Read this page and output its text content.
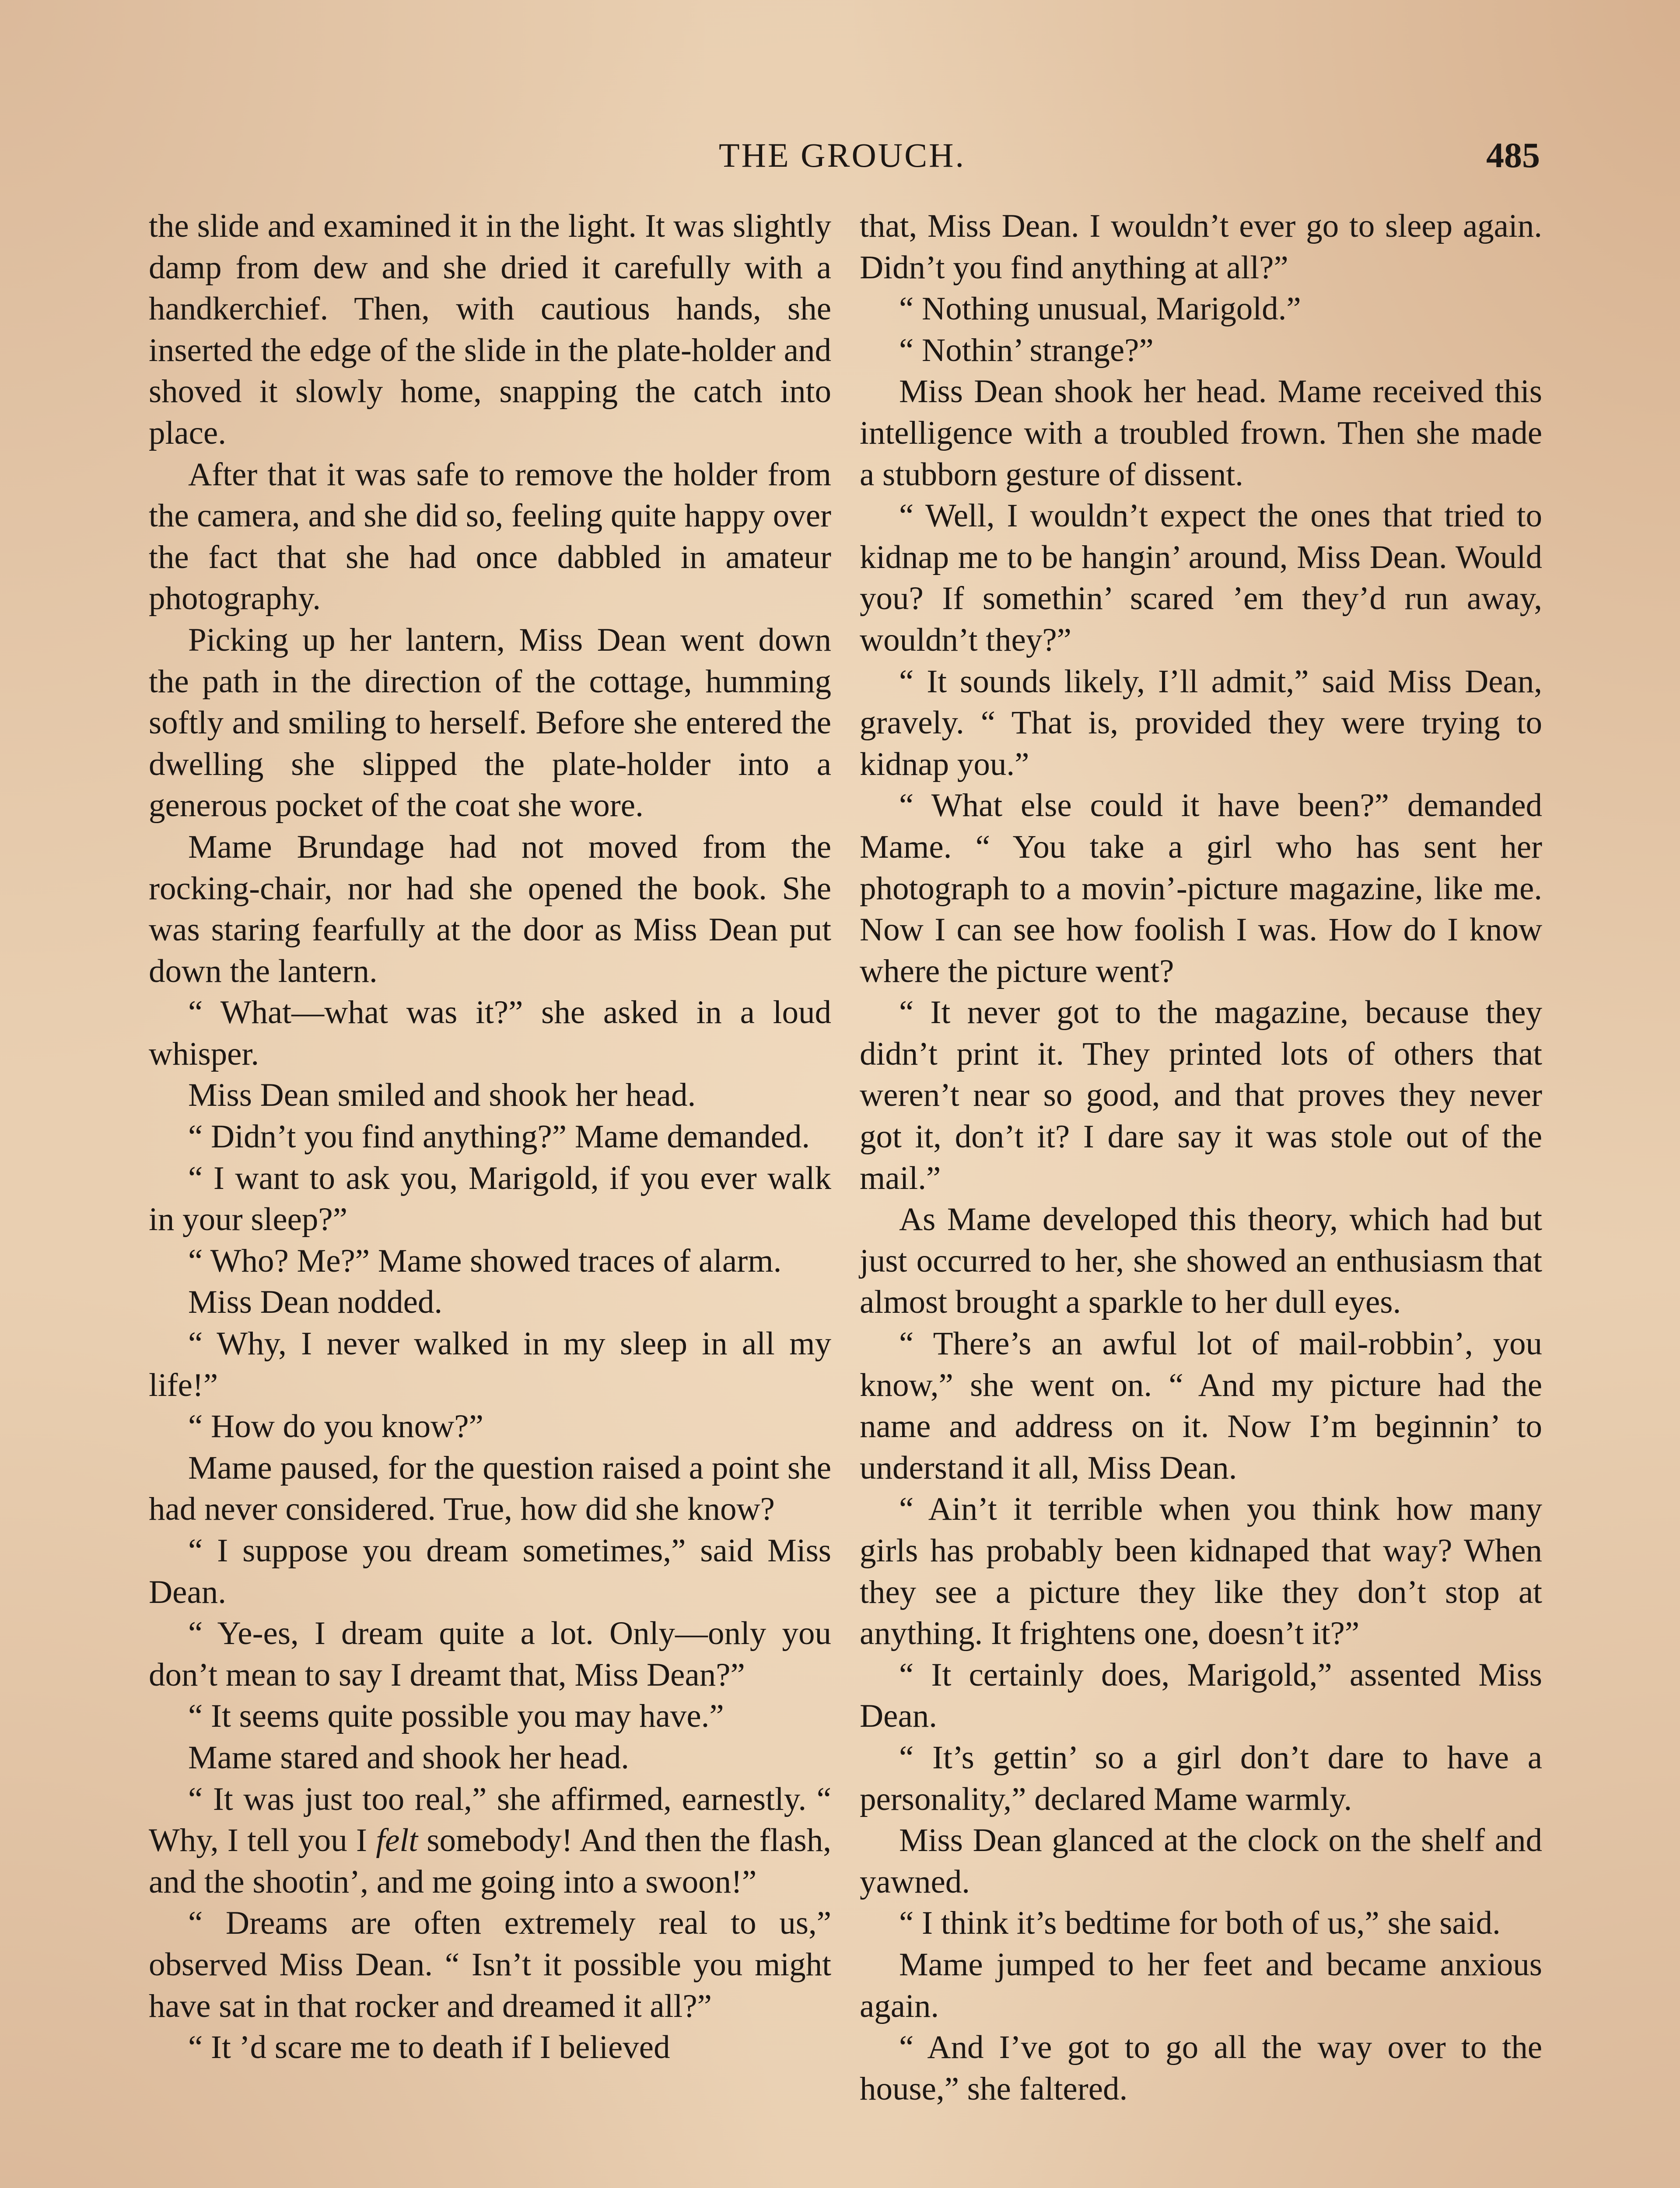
THE GROUCH.	485

the slide and examined it in the light. It was slightly damp from dew and she dried it carefully with a handkerchief. Then, with cautious hands, she inserted the edge of the slide in the plate-holder and shoved it slowly home, snapping the catch into place.

After that it was safe to remove the holder from the camera, and she did so, feeling quite happy over the fact that she had once dabbled in amateur photography.

Picking up her lantern, Miss Dean went down the path in the direction of the cottage, humming softly and smiling to herself. Before she entered the dwelling she slipped the plate-holder into a generous pocket of the coat she wore.

Mame Brundage had not moved from the rocking-chair, nor had she opened the book. She was staring fearfully at the door as Miss Dean put down the lantern.

“ What—what was it?” she asked in a loud whisper.

Miss Dean smiled and shook her head.

“ Didn’t you find anything?” Mame demanded.

“ I want to ask you, Marigold, if you ever walk in your sleep?”

“ Who? Me?” Mame showed traces of alarm.

Miss Dean nodded.

“ Why, I never walked in my sleep in all my life!”

“ How do you know?”

Mame paused, for the question raised a point she had never considered. True, how did she know?

“ I suppose you dream sometimes,” said Miss Dean.

“ Ye-es, I dream quite a lot. Only—only you don’t mean to say I dreamt that, Miss Dean?”

“ It seems quite possible you may have.”

Mame stared and shook her head.

“ It was just too real,” she affirmed, earnestly. “ Why, I tell you I felt somebody! And then the flash, and the shootin’, and me going into a swoon!”

“ Dreams are often extremely real to us,” observed Miss Dean. “ Isn’t it possible you might have sat in that rocker and dreamed it all?”

“ It ’d scare me to death if I believed

that, Miss Dean. I wouldn’t ever go to sleep again. Didn’t you find anything at all?”

“ Nothing unusual, Marigold.”

“ Nothin’ strange?”

Miss Dean shook her head. Mame received this intelligence with a troubled frown. Then she made a stubborn gesture of dissent.

“ Well, I wouldn’t expect the ones that tried to kidnap me to be hangin’ around, Miss Dean. Would you? If somethin’ scared ’em they’d run away, wouldn’t they?”

“ It sounds likely, I’ll admit,” said Miss Dean, gravely. “ That is, provided they were trying to kidnap you.”

“ What else could it have been?” demanded Mame. “ You take a girl who has sent her photograph to a movin’-picture magazine, like me. Now I can see how foolish I was. How do I know where the picture went?

“ It never got to the magazine, because they didn’t print it. They printed lots of others that weren’t near so good, and that proves they never got it, don’t it? I dare say it was stole out of the mail.”

As Mame developed this theory, which had but just occurred to her, she showed an enthusiasm that almost brought a sparkle to her dull eyes.

“ There’s an awful lot of mail-robbin’, you know,” she went on. “ And my picture had the name and address on it. Now I’m beginnin’ to understand it all, Miss Dean.

“ Ain’t it terrible when you think how many girls has probably been kidnaped that way? When they see a picture they like they don’t stop at anything. It frightens one, doesn’t it?”

“ It certainly does, Marigold,” assented Miss Dean.

“ It’s gettin’ so a girl don’t dare to have a personality,” declared Mame warmly.

Miss Dean glanced at the clock on the shelf and yawned.

“ I think it’s bedtime for both of us,” she said.

Mame jumped to her feet and became anxious again.

“ And I’ve got to go all the way over to the house,” she faltered.
